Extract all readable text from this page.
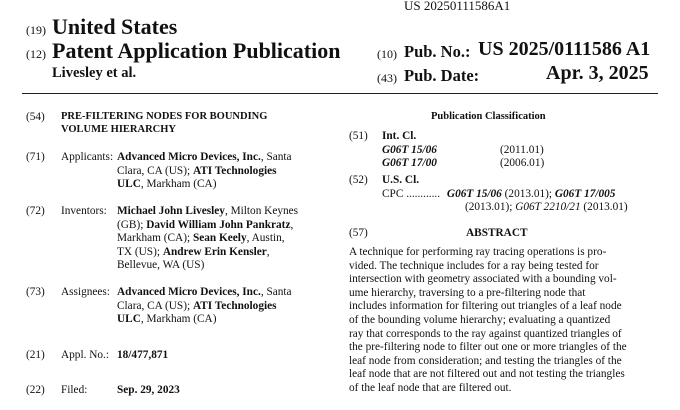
US 20250111586A1
(19) United States
(12) Patent Application Publication
Livesley et al.
(10) Pub. No.: US 2025/0111586 A1
(43) Pub. Date:	Apr. 3, 2025
(54) PRE-FILTERING NODES FOR BOUNDING
VOLUME HIERARCHY
(71) Applicants: Advanced Micro Devices, Inc., Santa
Clara, CA (US); ATI Technologies
ULC, Markham (CA)
(72) Inventors: Michael John Livesley, Milton Keynes
(GB); David William John Pankratz,
Markham (CA); Sean Keely, Austin,
TX (US); Andrew Erin Kensler,
Bellevue, WA (US)
(73) Assignees: Advanced Micro Devices, Inc., Santa
Clara, CA (US); ATI Technologies
ULC, Markham (CA)
(21) Appl. No.: 18/477,871
(22) Filed:	Sep. 29, 2023
Publication Classification
(51) Int. Cl.
G06T 15/06	(2011.01)
G06T 17/00	(2006.01)
(52) U.S. Cl.
CPC ............ G06T 15/06 (2013.01); G06T 17/005
(2013.01); G06T 2210/21 (2013.01)
(57)	ABSTRACT
A technique for performing ray tracing operations is pro-
vided. The technique includes for a ray being tested for
intersection with geometry associated with a bounding vol-
ume hierarchy, traversing to a pre-filtering node that
includes information for filtering out triangles of a leaf node
of the bounding volume hierarchy; evaluating a quantized
ray that corresponds to the ray against quantized triangles of
the pre-filtering node to filter out one or more triangles of the
leaf node from consideration; and testing the triangles of the
leaf node that are not filtered out and not testing the triangles
of the leaf node that are filtered out.
